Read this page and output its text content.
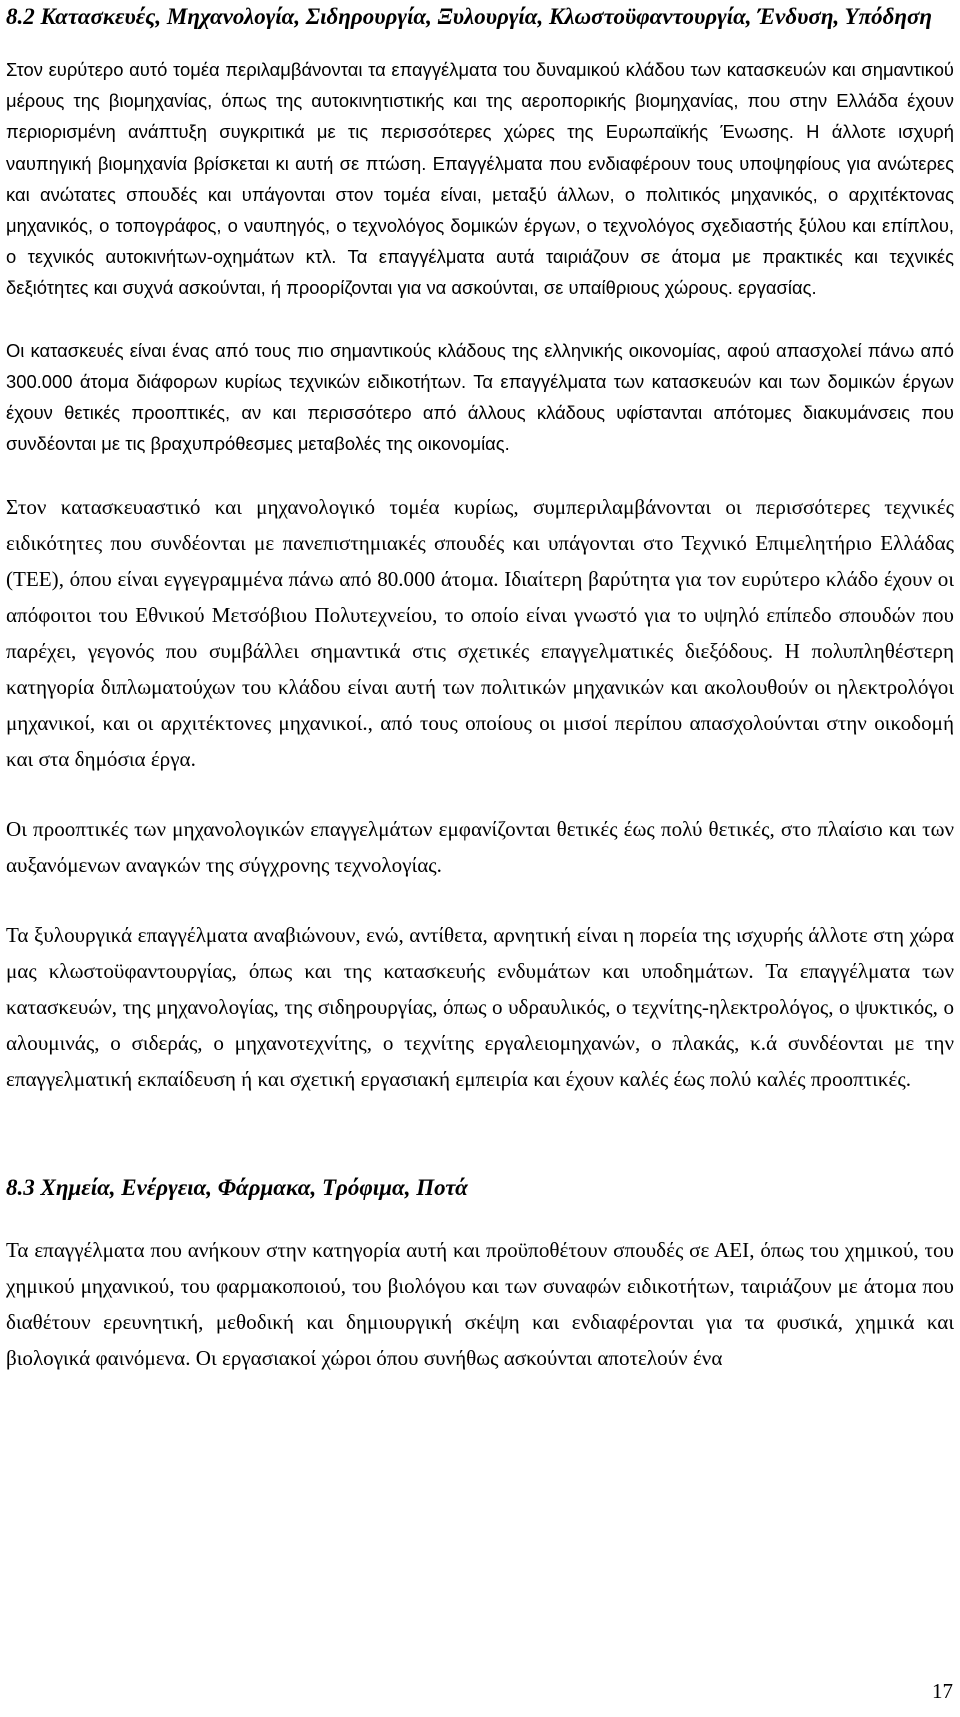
8.2 Κατασκευές, Μηχανολογία, Σιδηρουργία, Ξυλουργία, Κλωστοϋφαντουργία, Ένδυση, Υπόδηση

Στον ευρύτερο αυτό τομέα περιλαμβάνονται τα επαγγέλματα του δυναμικού κλάδου των κατασκευών και σημαντικού μέρους της βιομηχανίας, όπως της αυτοκινητιστικής και της αεροπορικής βιομηχανίας, που στην Ελλάδα έχουν περιορισμένη ανάπτυξη συγκριτικά με τις περισσότερες χώρες της Ευρωπαϊκής Ένωσης. Η άλλοτε ισχυρή ναυπηγική βιομηχανία βρίσκεται κι αυτή σε πτώση. Επαγγέλματα που ενδιαφέρουν τους υποψηφίους για ανώτερες και ανώτατες σπουδές και υπάγονται στον τομέα είναι, μεταξύ άλλων, ο πολιτικός μηχανικός, ο αρχιτέκτονας μηχανικός, ο τοπογράφος, ο ναυπηγός, ο τεχνολόγος δομικών έργων, ο τεχνολόγος σχεδιαστής ξύλου και επίπλου, ο τεχνικός αυτοκινήτων-οχημάτων κτλ. Τα επαγγέλματα αυτά ταιριάζουν σε άτομα με πρακτικές και τεχνικές δεξιότητες και συχνά ασκούνται, ή προορίζονται για να ασκούνται, σε υπαίθριους χώρους. εργασίας.

Οι κατασκευές είναι ένας από τους πιο σημαντικούς κλάδους της ελληνικής οικονομίας, αφού απασχολεί πάνω από 300.000 άτομα διάφορων κυρίως τεχνικών ειδικοτήτων. Τα επαγγέλματα των κατασκευών και των δομικών έργων έχουν θετικές προοπτικές, αν και περισσότερο από άλλους κλάδους υφίστανται απότομες διακυμάνσεις που συνδέονται με τις βραχυπρόθεσμες μεταβολές της οικονομίας.

Στον κατασκευαστικό και μηχανολογικό τομέα κυρίως, συμπεριλαμβάνονται οι περισσότερες τεχνικές ειδικότητες που συνδέονται με πανεπιστημιακές σπουδές και υπάγονται στο Τεχνικό Επιμελητήριο Ελλάδας (ΤΕΕ), όπου είναι εγγεγραμμένα πάνω από 80.000 άτομα. Ιδιαίτερη βαρύτητα για τον ευρύτερο κλάδο έχουν οι απόφοιτοι του Εθνικού Μετσόβιου Πολυτεχνείου, το οποίο είναι γνωστό για το υψηλό επίπεδο σπουδών που παρέχει, γεγονός που συμβάλλει σημαντικά στις σχετικές επαγγελματικές διεξόδους. Η πολυπληθέστερη κατηγορία διπλωματούχων του κλάδου είναι αυτή των πολιτικών μηχανικών και ακολουθούν οι ηλεκτρολόγοι μηχανικοί, και οι αρχιτέκτονες μηχανικοί., από τους οποίους οι μισοί περίπου απασχολούνται στην οικοδομή και στα δημόσια έργα.

Οι προοπτικές των μηχανολογικών επαγγελμάτων εμφανίζονται θετικές έως πολύ θετικές, στο πλαίσιο και των αυξανόμενων αναγκών της σύγχρονης τεχνολογίας.

Τα ξυλουργικά επαγγέλματα αναβιώνουν, ενώ, αντίθετα, αρνητική είναι η πορεία της ισχυρής άλλοτε στη χώρα μας κλωστοϋφαντουργίας, όπως και της κατασκευής ενδυμάτων και υποδημάτων. Τα επαγγέλματα των κατασκευών, της μηχανολογίας, της σιδηρουργίας, όπως ο υδραυλικός, ο τεχνίτης-ηλεκτρολόγος, ο ψυκτικός, ο αλουμινάς, ο σιδεράς, ο μηχανοτεχνίτης, ο τεχνίτης εργαλειομηχανών, ο πλακάς, κ.ά συνδέονται με την επαγγελματική εκπαίδευση ή και σχετική εργασιακή εμπειρία και έχουν καλές έως πολύ καλές προοπτικές.

8.3 Χημεία, Ενέργεια, Φάρμακα, Τρόφιμα, Ποτά

Τα επαγγέλματα που ανήκουν στην κατηγορία αυτή και προϋποθέτουν σπουδές σε ΑΕΙ, όπως του χημικού, του χημικού μηχανικού, του φαρμακοποιού, του βιολόγου και των συναφών ειδικοτήτων, ταιριάζουν με άτομα που διαθέτουν ερευνητική, μεθοδική και δημιουργική σκέψη και ενδιαφέρονται για τα φυσικά, χημικά και βιολογικά φαινόμενα. Οι εργασιακοί χώροι όπου συνήθως ασκούνται αποτελούν ένα

17
